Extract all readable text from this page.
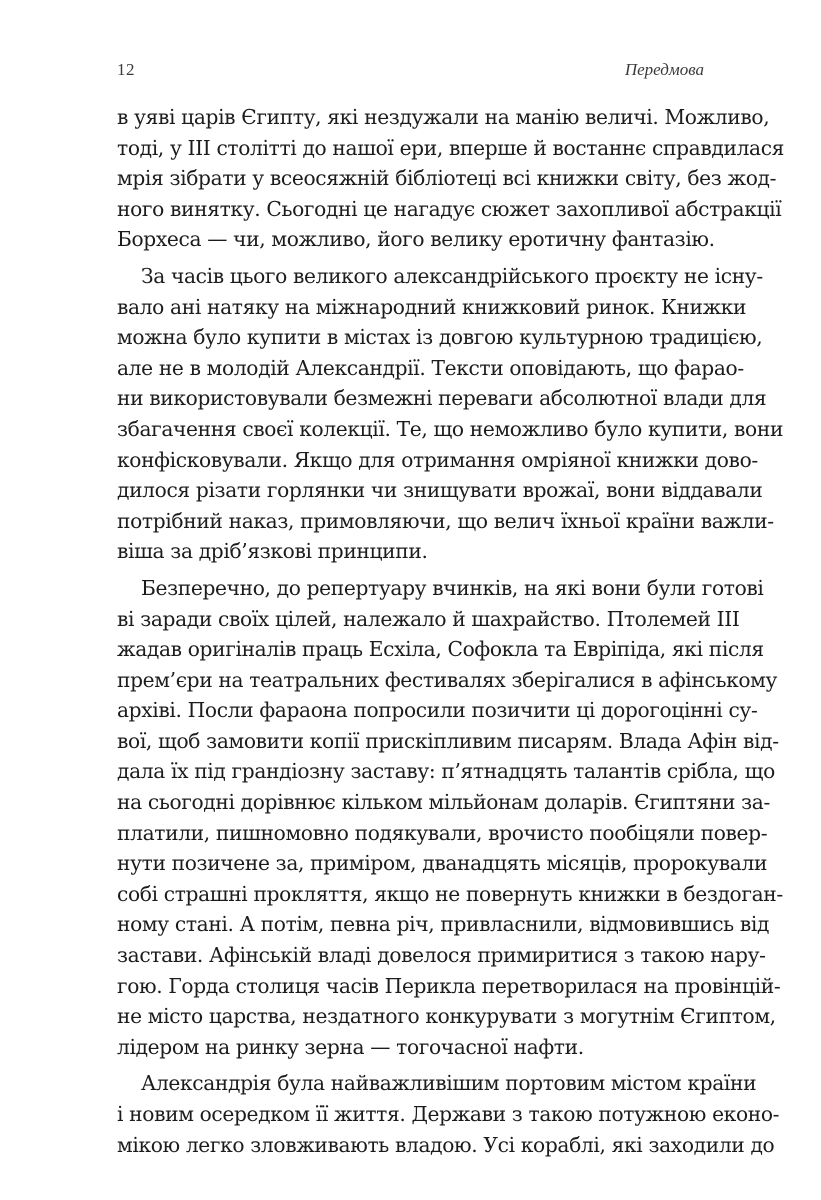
12	Передмова
в уяві царів Єгипту, які нездужали на манію величі. Можливо,
тоді, у III столітті до нашої ери, вперше й востаннє справдилася
мрія зібрати у всеосяжній бібліотеці всі книжки світу, без жод-
ного винятку. Сьогодні це нагадує сюжет захопливої абстракції
Борхеса — чи, можливо, його велику еротичну фантазію.
За часів цього великого александрійського проєкту не існу-
вало ані натяку на міжнародний книжковий ринок. Книжки
можна було купити в містах із довгою культурною традицією,
але не в молодій Александрії. Тексти оповідають, що фарао-
ни використовували безмежні переваги абсолютної влади для
збагачення своєї колекції. Те, що неможливо було купити, вони
конфісковували. Якщо для отримання омріяної книжки дово-
дилося різати горлянки чи знищувати врожаї, вони віддавали
потрібний наказ, примовляючи, що велич їхньої країни важли-
віша за дріб’язкові принципи.
Безперечно, до репертуару вчинків, на які вони були готові
ві заради своїх цілей, належало й шахрайство. Птолемей III
жадав оригіналів праць Есхіла, Софокла та Евріпіда, які після
прем’єри на театральних фестивалях зберігалися в афінському
архіві. Посли фараона попросили позичити ці дорогоцінні су-
вої, щоб замовити копії прискіпливим писарям. Влада Афін від-
дала їх під грандіозну заставу: п’ятнадцять талантів срібла, що
на сьогодні дорівнює кільком мільйонам доларів. Єгиптяни за-
платили, пишномовно подякували, врочисто пообіцяли повер-
нути позичене за, приміром, дванадцять місяців, пророкували
собі страшні прокляття, якщо не повернуть книжки в бездоган-
ному стані. А потім, певна річ, привласнили, відмовившись від
застави. Афінській владі довелося примиритися з такою нару-
гою. Горда столиця часів Перикла перетворилася на провінцій-
не місто царства, нездатного конкурувати з могутнім Єгиптом,
лідером на ринку зерна — тогочасної нафти.
Александрія була найважливішим портовим містом країни
і новим осередком її життя. Держави з такою потужною еконо-
мікою легко зловживають владою. Усі кораблі, які заходили до
